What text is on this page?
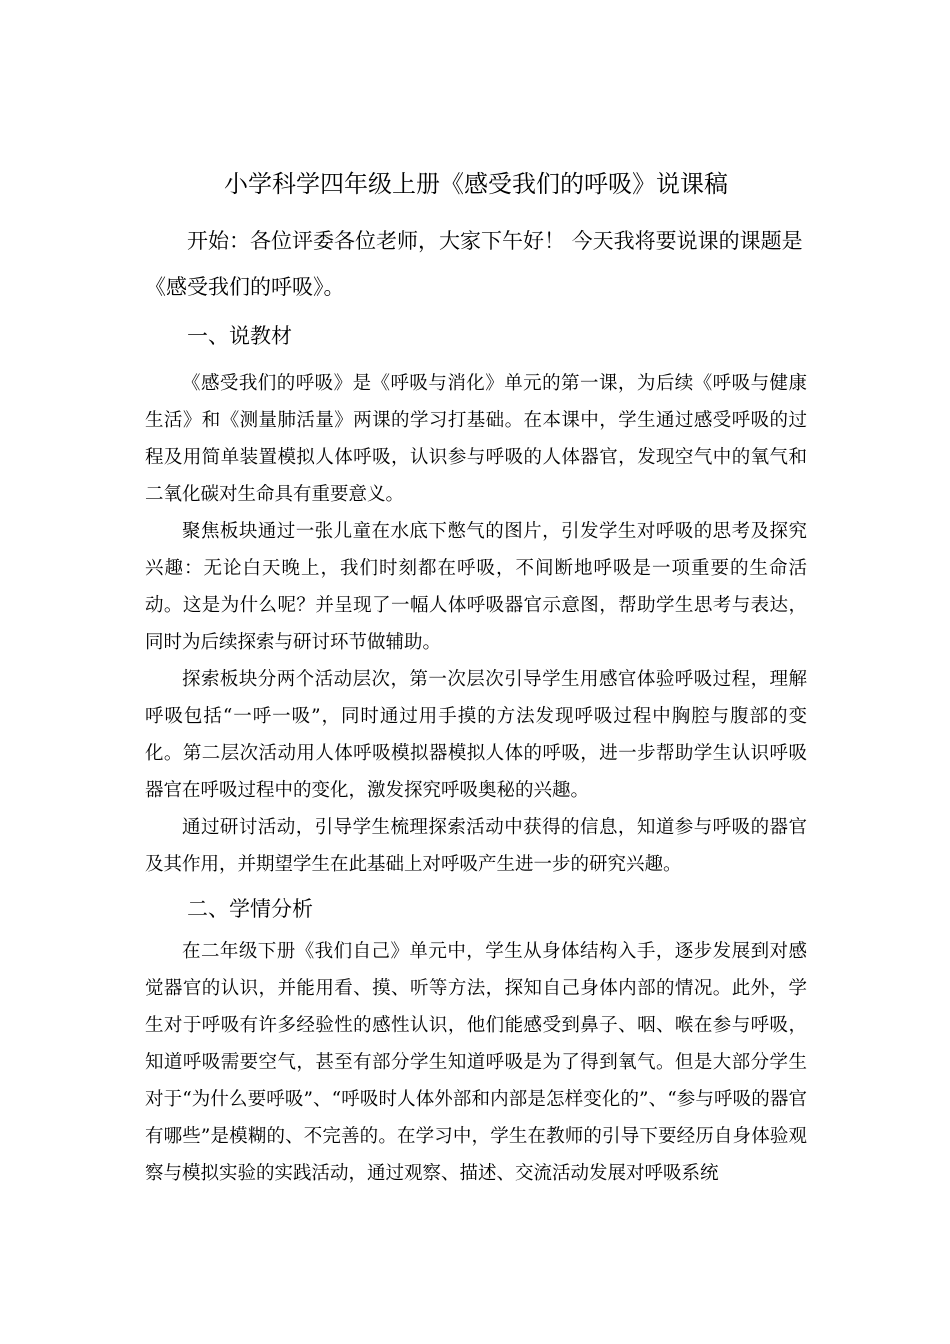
小学科学四年级上册《感受我们的呼吸》说课稿

开始：各位评委各位老师，大家下午好！ 今天我将要说课的课题是《感受我们的呼吸》。

一、说教材

《感受我们的呼吸》是《呼吸与消化》单元的第一课，为后续《呼吸与健康生活》和《测量肺活量》两课的学习打基础。在本课中，学生通过感受呼吸的过程及用简单装置模拟人体呼吸，认识参与呼吸的人体器官，发现空气中的氧气和二氧化碳对生命具有重要意义。

聚焦板块通过一张儿童在水底下憋气的图片，引发学生对呼吸的思考及探究兴趣：无论白天晚上，我们时刻都在呼吸，不间断地呼吸是一项重要的生命活动。这是为什么呢？并呈现了一幅人体呼吸器官示意图，帮助学生思考与表达，同时为后续探索与研讨环节做辅助。

探索板块分两个活动层次，第一次层次引导学生用感官体验呼吸过程，理解呼吸包括“一呼一吸”，同时通过用手摸的方法发现呼吸过程中胸腔与腹部的变化。第二层次活动用人体呼吸模拟器模拟人体的呼吸，进一步帮助学生认识呼吸器官在呼吸过程中的变化，激发探究呼吸奥秘的兴趣。

通过研讨活动，引导学生梳理探索活动中获得的信息，知道参与呼吸的器官及其作用，并期望学生在此基础上对呼吸产生进一步的研究兴趣。

二、学情分析

在二年级下册《我们自己》单元中，学生从身体结构入手，逐步发展到对感觉器官的认识，并能用看、摸、听等方法，探知自己身体内部的情况。此外，学生对于呼吸有许多经验性的感性认识，他们能感受到鼻子、咽、喉在参与呼吸，知道呼吸需要空气，甚至有部分学生知道呼吸是为了得到氧气。但是大部分学生对于“为什么要呼吸”、“呼吸时人体外部和内部是怎样变化的”、“参与呼吸的器官有哪些”是模糊的、不完善的。在学习中，学生在教师的引导下要经历自身体验观察与模拟实验的实践活动，通过观察、描述、交流活动发展对呼吸系统
